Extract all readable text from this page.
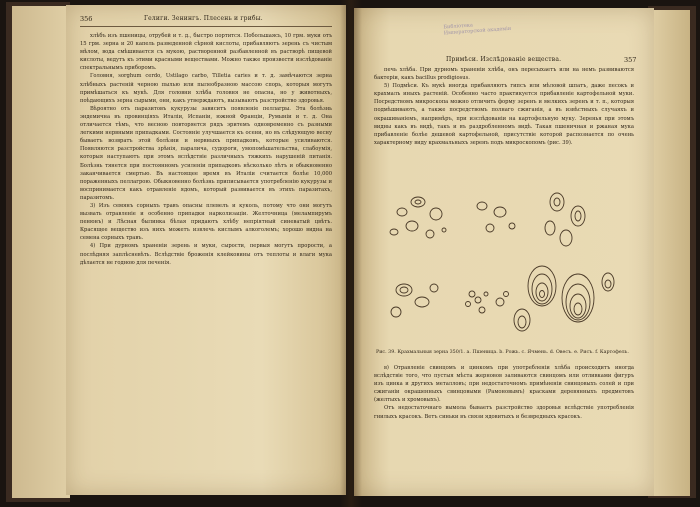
356	Гелиги. Зенингъ. Плесень и грибы.

хлѣбъ изъ пшеницы, отрубей и т. д., быстро портится. Побольшаясь, 10 грм. муки отъ 15 грм. зерна и 20 капель разведенной сѣрной кислоты, прибавляютъ зерень съ чистым мѣлом, вода смѣшивается съ мукою, растворенной разбавленной въ растворѣ пищевой кислоты, ведутъ къ этими красными веществами. Можно также произвести изслѣдованіе спектральнымъ приборомъ.

Головня, sorghum cerdo, Ustilago carbo, Tilletia caries и т. д. замѣчаются зерна хлѣбныхъ растеній черною пылью или пылеобразною массою спорь, которыя могутъ примѣшаться къ мукѣ. Для головни хлѣба головня не опасна, но у животныхъ, поѣдающихъ зерна сырыми, они, какъ утверждаютъ, вызываютъ разстройство здоровья.

Вѣроятно отъ паразитовъ кукурузы зависитъ появленіе пеллагры. Эта болѣзнь эндемична въ провинціяхъ Италіи, Испаніи, южной Франціи, Румыніи и т. д. Она отличается тѣмъ, что весною повторяется рядъ эритемъ одновременно съ разными легкими нервными припадками. Состояніе улучшается къ осени, но въ слѣдующую весну бываетъ возвратъ этой болѣзни и нервныхъ припадковъ, которые усиливаются. Появляются разстройства зрѣнія, паралича, судороги, умопомѣшательства, слабоумія, которыя наступаютъ при этомъ вслѣдствіе различныхъ тяжкихъ нарушеній питанія. Болѣзнь тянется при постоянномъ усиленіи припадковъ нѣсколько лѣтъ и обыкновенно заканчивается смертью. Въ настоящее время въ Италіи считается болѣе 10,000 пораженныхъ пеллагрою. Обыкновенно болѣзнь приписывается употребленію кукурузы и воспринимается какъ отравленіе ядомъ, который развивается въ этихъ паразитахъ, паразитомъ.

3) Изъ семянъ сорныхъ травъ опасны плевелъ и куколь, потому что они могутъ вызвать отравленіе и особенно припадки нарколизаціи. Желточница (мелампирумъ пенюнъ) и Лѣсная былинка бѣлая придаютъ хлѣбу непріятный синеватый цвѣтъ. Красящее вещество изъ нихъ можетъ извлечь кислымъ алкоголемъ; хорошо видна на семена сорныхъ травъ.

4) При дурномъ храненіи зерень и муки, сырости, первыя могутъ прорости, а послѣдняя заплѣсневѣть. Вслѣдствіе броженія клейковины отъ теплоты и влаги мука дѣлается не годною для печенія.

Библіотека Императорской академіи
Примѣси. Изслѣдованіе вещества.	357

печь хлѣба. При дурномъ храненіи хлѣба, онъ пересыхаетъ или на немъ развиваются бактеріи, какъ bacillus prodigiosus.

5) Подмѣси. Къ мукѣ иногда прибавляютъ гипсъ или мѣловой шпатъ, даже песокъ и крахмалъ иныхъ растеній. Особенно часто практикуется прибавленіе картофельной муки. Посредствомъ микроскопа можно отличить форму зеренъ и мелкихъ зеренъ и т. п., которыя подмѣшиваютъ, а также посредствомъ полнаго сжиганія, а въ извѣстныхъ случаяхъ и окрашиваніемъ, напримѣръ, при изслѣдованіи на картофельную муку. Зеренья при этомъ видны какъ въ видѣ, такъ и въ раздробленномъ видѣ. Такая пшеничная и ржаная мука прибавленіе болѣе дешевой картофельной, присутствіе которой распознается по очень характерному виду крахмальныхъ зеренъ подъ микроскопомъ (рис. 39).

Рис. 39. Крахмальныя зерна 350/1. а. Пшеница. b. Рожь. c. Ячмень. d. Овесъ. e. Рисъ. f. Картофель.

в) Отравленіе свинцомъ и цинкомъ при употребленіи хлѣба происходитъ иногда вслѣдствіе того, что пустыя мѣста жерновов заливаются свинцомъ или отливками фигуръ изъ цинка и другихъ металловъ; при недостаточномъ примѣненіи свинцовыхъ солей и при сжиганіи окрашенныхъ свинцовыми (Рамоновымъ) красками деревянныхъ предметовъ (желтыхъ и хромовыхъ).

Отъ недостаточнаго вымола бываетъ разстройство здоровья вслѣдствіе употребленія гнилыхъ красокъ. Ветъ синьки въ связи ядовитыхъ и безвредныхъ красокъ.
